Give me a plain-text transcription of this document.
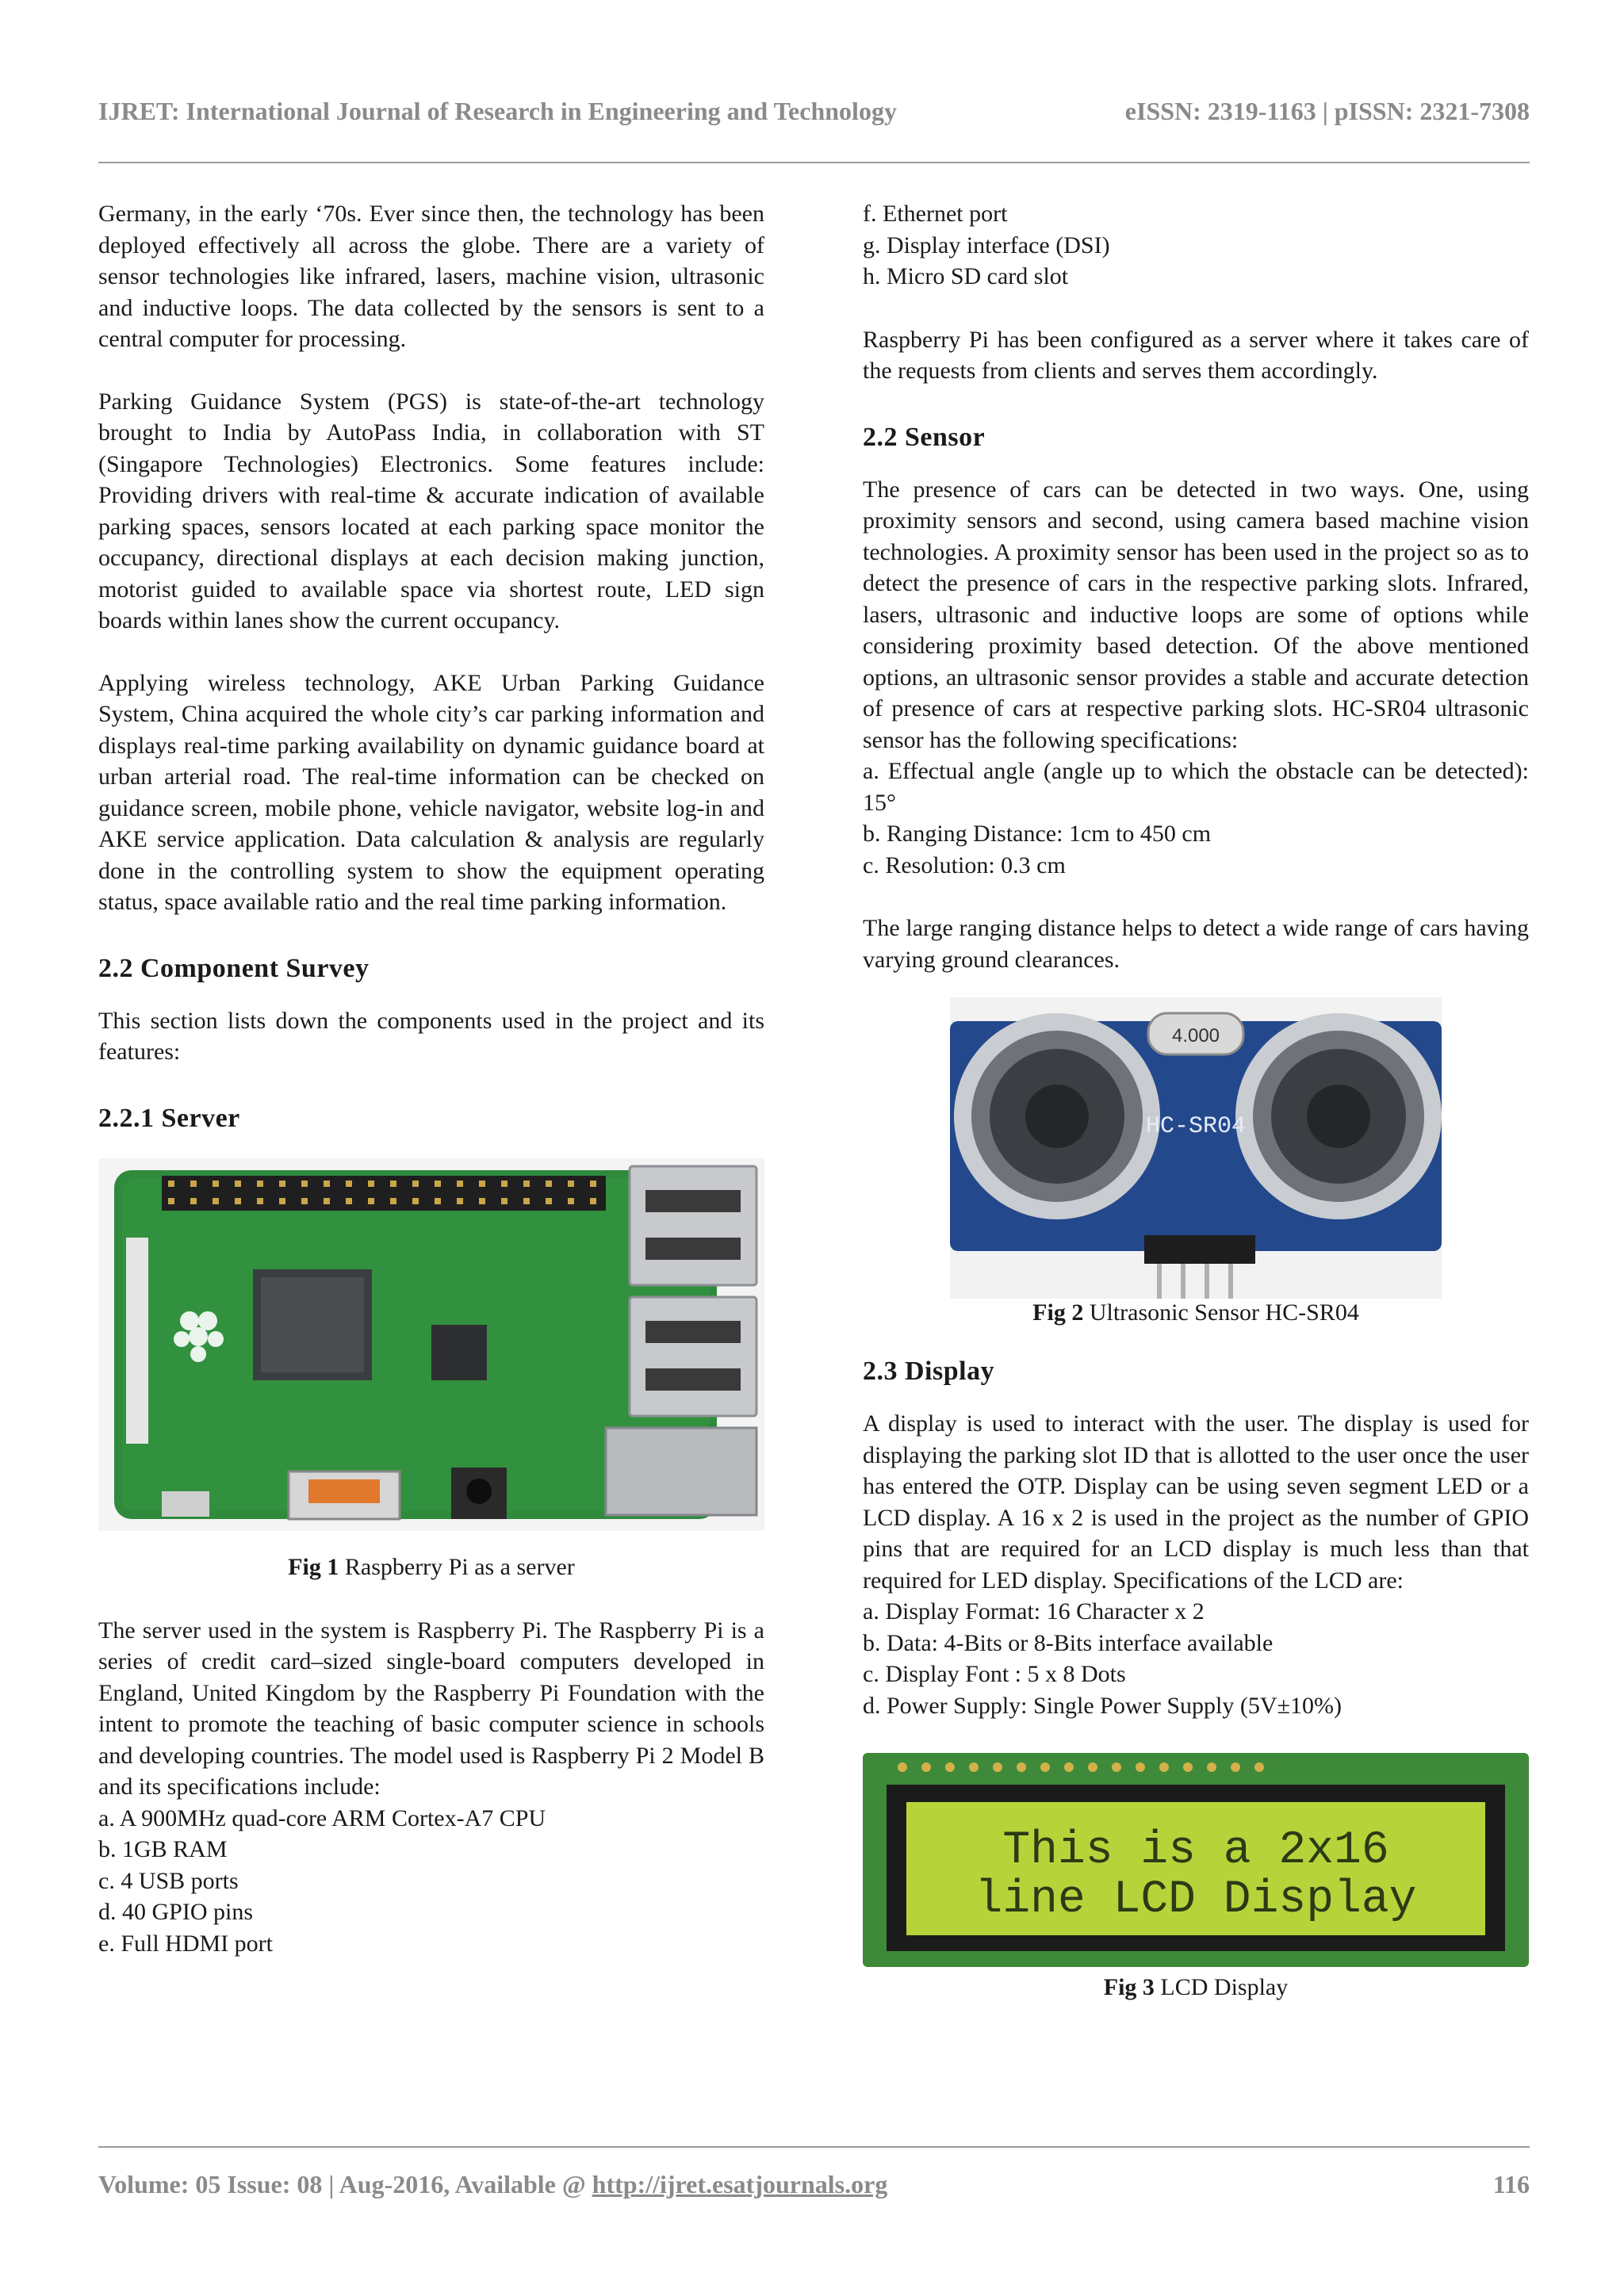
IJRET: International Journal of Research in Engineering and Technology	eISSN: 2319-1163 | pISSN: 2321-7308

Germany, in the early ‘70s. Ever since then, the technology has been deployed effectively all across the globe. There are a variety of sensor technologies like infrared, lasers, machine vision, ultrasonic and inductive loops. The data collected by the sensors is sent to a central computer for processing.

Parking Guidance System (PGS) is state-of-the-art technology brought to India by AutoPass India, in collaboration with ST (Singapore Technologies) Electronics. Some features include: Providing drivers with real-time & accurate indication of available parking spaces, sensors located at each parking space monitor the occupancy, directional displays at each decision making junction, motorist guided to available space via shortest route, LED sign boards within lanes show the current occupancy.

Applying wireless technology, AKE Urban Parking Guidance System, China acquired the whole city’s car parking information and displays real-time parking availability on dynamic guidance board at urban arterial road. The real-time information can be checked on guidance screen, mobile phone, vehicle navigator, website log-in and AKE service application. Data calculation & analysis are regularly done in the controlling system to show the equipment operating status, space available ratio and the real time parking information.

2.2 Component Survey

This section lists down the components used in the project and its features:

2.2.1 Server
Fig 1 Raspberry Pi as a server

The server used in the system is Raspberry Pi. The Raspberry Pi is a series of credit card–sized single-board computers developed in England, United Kingdom by the Raspberry Pi Foundation with the intent to promote the teaching of basic computer science in schools and developing countries. The model used is Raspberry Pi 2 Model B and its specifications include:

a. A 900MHz quad-core ARM Cortex-A7 CPU
b. 1GB RAM
c. 4 USB ports
d. 40 GPIO pins
e. Full HDMI port
f. Ethernet port
g. Display interface (DSI)
h. Micro SD card slot

Raspberry Pi has been configured as a server where it takes care of the requests from clients and serves them accordingly.

2.2 Sensor

The presence of cars can be detected in two ways. One, using proximity sensors and second, using camera based machine vision technologies. A proximity sensor has been used in the project so as to detect the presence of cars in the respective parking slots. Infrared, lasers, ultrasonic and inductive loops are some of options while considering proximity based detection. Of the above mentioned options, an ultrasonic sensor provides a stable and accurate detection of presence of cars at respective parking slots. HC-SR04 ultrasonic sensor has the following specifications:

a. Effectual angle (angle up to which the obstacle can be detected): 15°
b. Ranging Distance: 1cm to 450 cm
c. Resolution: 0.3 cm

The large ranging distance helps to detect a wide range of cars having varying ground clearances.

4.000
HC-SR04
Fig 2 Ultrasonic Sensor HC-SR04
2.3 Display

A display is used to interact with the user. The display is used for displaying the parking slot ID that is allotted to the user once the user has entered the OTP. Display can be using seven segment LED or a LCD display. A 16 x 2 is used in the project as the number of GPIO pins that are required for an LCD display is much less than that required for LED display. Specifications of the LCD are:

a. Display Format: 16 Character x 2
b. Data: 4-Bits or 8-Bits interface available
c. Display Font : 5 x 8 Dots
d. Power Supply: Single Power Supply (5V±10%)
This is a 2x16
line LCD Display
Fig 3 LCD Display
Volume: 05 Issue: 08 | Aug-2016, Available @ http://ijret.esatjournals.org	116
